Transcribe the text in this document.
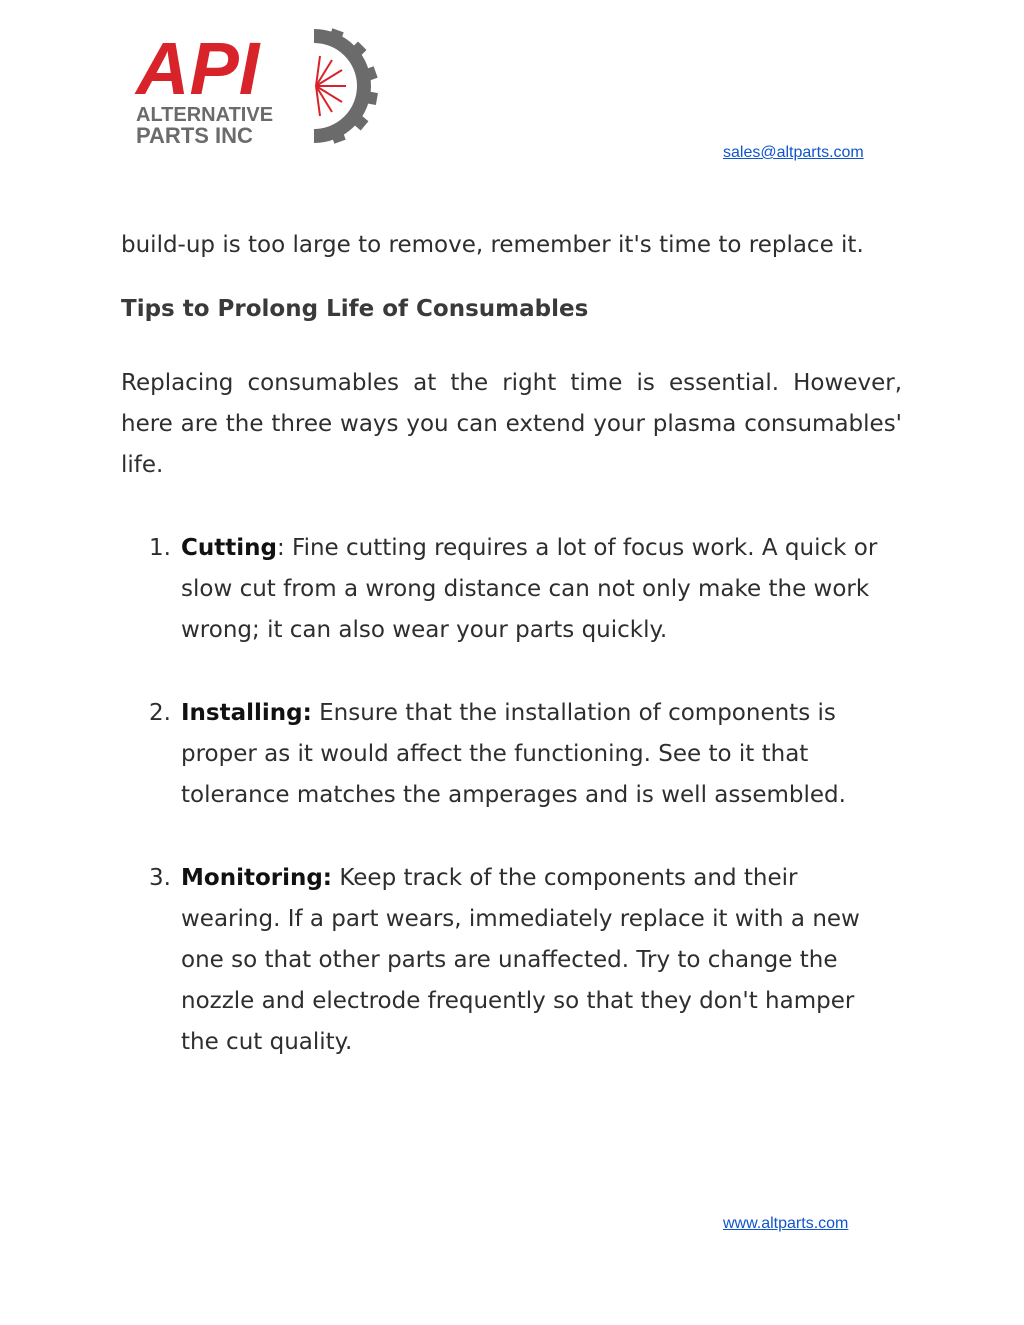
API
ALTERNATIVE
PARTS INC
sales@altparts.com

build-up is too large to remove, remember it's time to replace it.

Tips to Prolong Life of Consumables

Replacing consumables at the right time is essential. However, here are the three ways you can extend your plasma consumables' life.

1. Cutting: Fine cutting requires a lot of focus work. A quick or slow cut from a wrong distance can not only make the work wrong; it can also wear your parts quickly.
2. Installing: Ensure that the installation of components is proper as it would affect the functioning. See to it that tolerance matches the amperages and is well assembled.
3. Monitoring: Keep track of the components and their wearing. If a part wears, immediately replace it with a new one so that other parts are unaffected. Try to change the nozzle and electrode frequently so that they don't hamper the cut quality.
www.altparts.com
